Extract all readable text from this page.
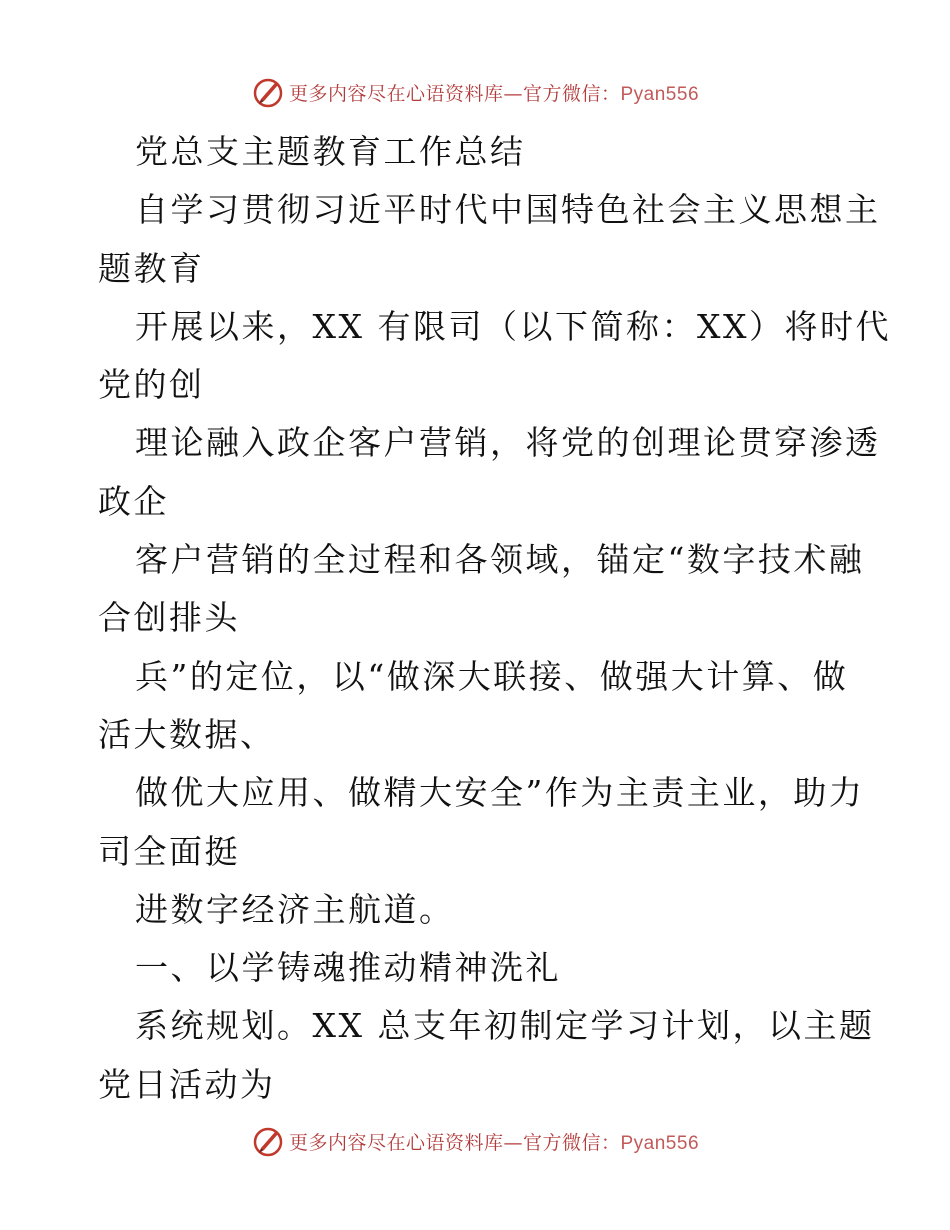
更多内容尽在心语资料库—官方微信：Pyan556

党总支主题教育工作总结

自学习贯彻习近平时代中国特色社会主义思想主

题教育

开展以来，XX 有限司（以下简称：XX）将时代

党的创

理论融入政企客户营销，将党的创理论贯穿渗透

政企

客户营销的全过程和各领域，锚定“数字技术融

合创排头

兵”的定位，以“做深大联接、做强大计算、做

活大数据、

做优大应用、做精大安全”作为主责主业，助力

司全面挺

进数字经济主航道。

一、以学铸魂推动精神洗礼

系统规划。XX 总支年初制定学习计划，以主题

党日活动为

更多内容尽在心语资料库—官方微信：Pyan556
